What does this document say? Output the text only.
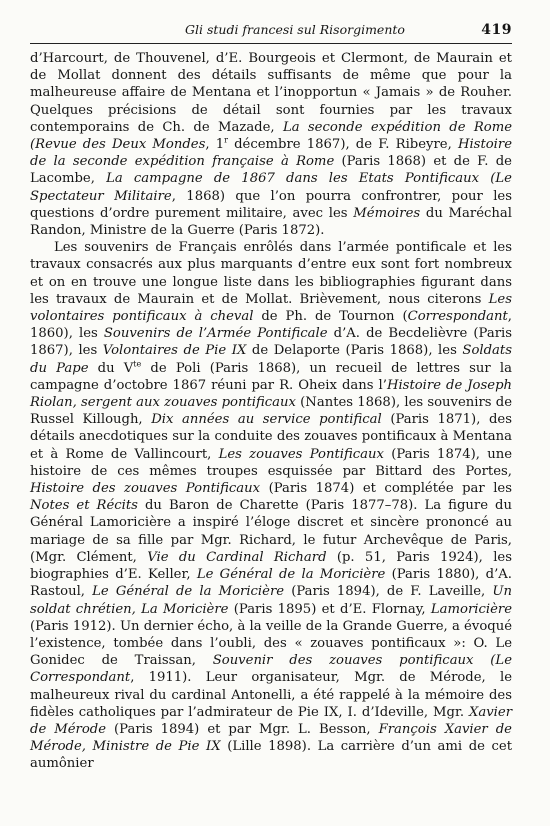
Gli studi francesi sul Risorgimento	419

d’Harcourt, de Thouvenel, d’E. Bourgeois et Clermont, de Maurain et de Mollat donnent des détails suffisants de même que pour la malheureuse affaire de Mentana et l’inopportun « Jamais » de Rouher. Quelques précisions de détail sont fournies par les travaux contemporains de Ch. de Mazade, La seconde expédition de Rome (Revue des Deux Mondes, 1$^r$ décembre 1867), de F. Ribeyre, Histoire de la seconde expédition française à Rome (Paris 1868) et de F. de Lacombe, La campagne de 1867 dans les Etats Pontificaux (Le Spectateur Militaire, 1868) que l’on pourra confrontrer, pour les questions d’ordre purement militaire, avec les Mémoires du Maréchal Randon, Ministre de la Guerre (Paris 1872).

Les souvenirs de Français enrôlés dans l’armée pontificale et les travaux consacrés aux plus marquants d’entre eux sont fort nombreux et on en trouve une longue liste dans les bibliographies figurant dans les travaux de Maurain et de Mollat. Brièvement, nous citerons Les volontaires pontificaux à cheval de Ph. de Tournon (Correspondant, 1860), les Souvenirs de l’Armée Pontificale d’A. de Becdelièvre (Paris 1867), les Volontaires de Pie IX de Delaporte (Paris 1868), les Soldats du Pape du $V^{te}$ de Poli (Paris 1868), un recueil de lettres sur la campagne d’octobre 1867 réuni par R. Oheix dans l’Histoire de Joseph Riolan, sergent aux zouaves pontificaux (Nantes 1868), les souvenirs de Russel Killough, Dix années au service pontifical (Paris 1871), des détails anecdotiques sur la conduite des zouaves pontificaux à Mentana et à Rome de Vallincourt, Les zouaves Pontificaux (Paris 1874), une histoire de ces mêmes troupes esquissée par Bittard des Portes, Histoire des zouaves Pontificaux (Paris 1874) et complétée par les Notes et Récits du Baron de Charette (Paris 1877–78). La figure du Général Lamoricière a inspiré l’éloge discret et sincère prononcé au mariage de sa fille par Mgr. Richard, le futur Archevêque de Paris, (Mgr. Clément, Vie du Cardinal Richard (p. 51, Paris 1924), les biographies d’E. Keller, Le Général de la Moricière (Paris 1880), d’A. Rastoul, Le Général de la Moricière (Paris 1894), de F. Laveille, Un soldat chrétien, La Moricière (Paris 1895) et d’E. Flornay, Lamoricière (Paris 1912). Un dernier écho, à la veille de la Grande Guerre, a évoqué l’existence, tombée dans l’oubli, des « zouaves pontificaux »: O. Le Gonidec de Traissan, Souvenir des zouaves pontificaux (Le Correspondant, 1911). Leur organisateur, Mgr. de Mérode, le malheureux rival du cardinal Antonelli, a été rappelé à la mémoire des fidèles catholiques par l’admirateur de Pie IX, I. d’Ideville, Mgr. Xavier de Mérode (Paris 1894) et par Mgr. L. Besson, François Xavier de Mérode, Ministre de Pie IX (Lille 1898). La carrière d’un ami de cet aumônier
